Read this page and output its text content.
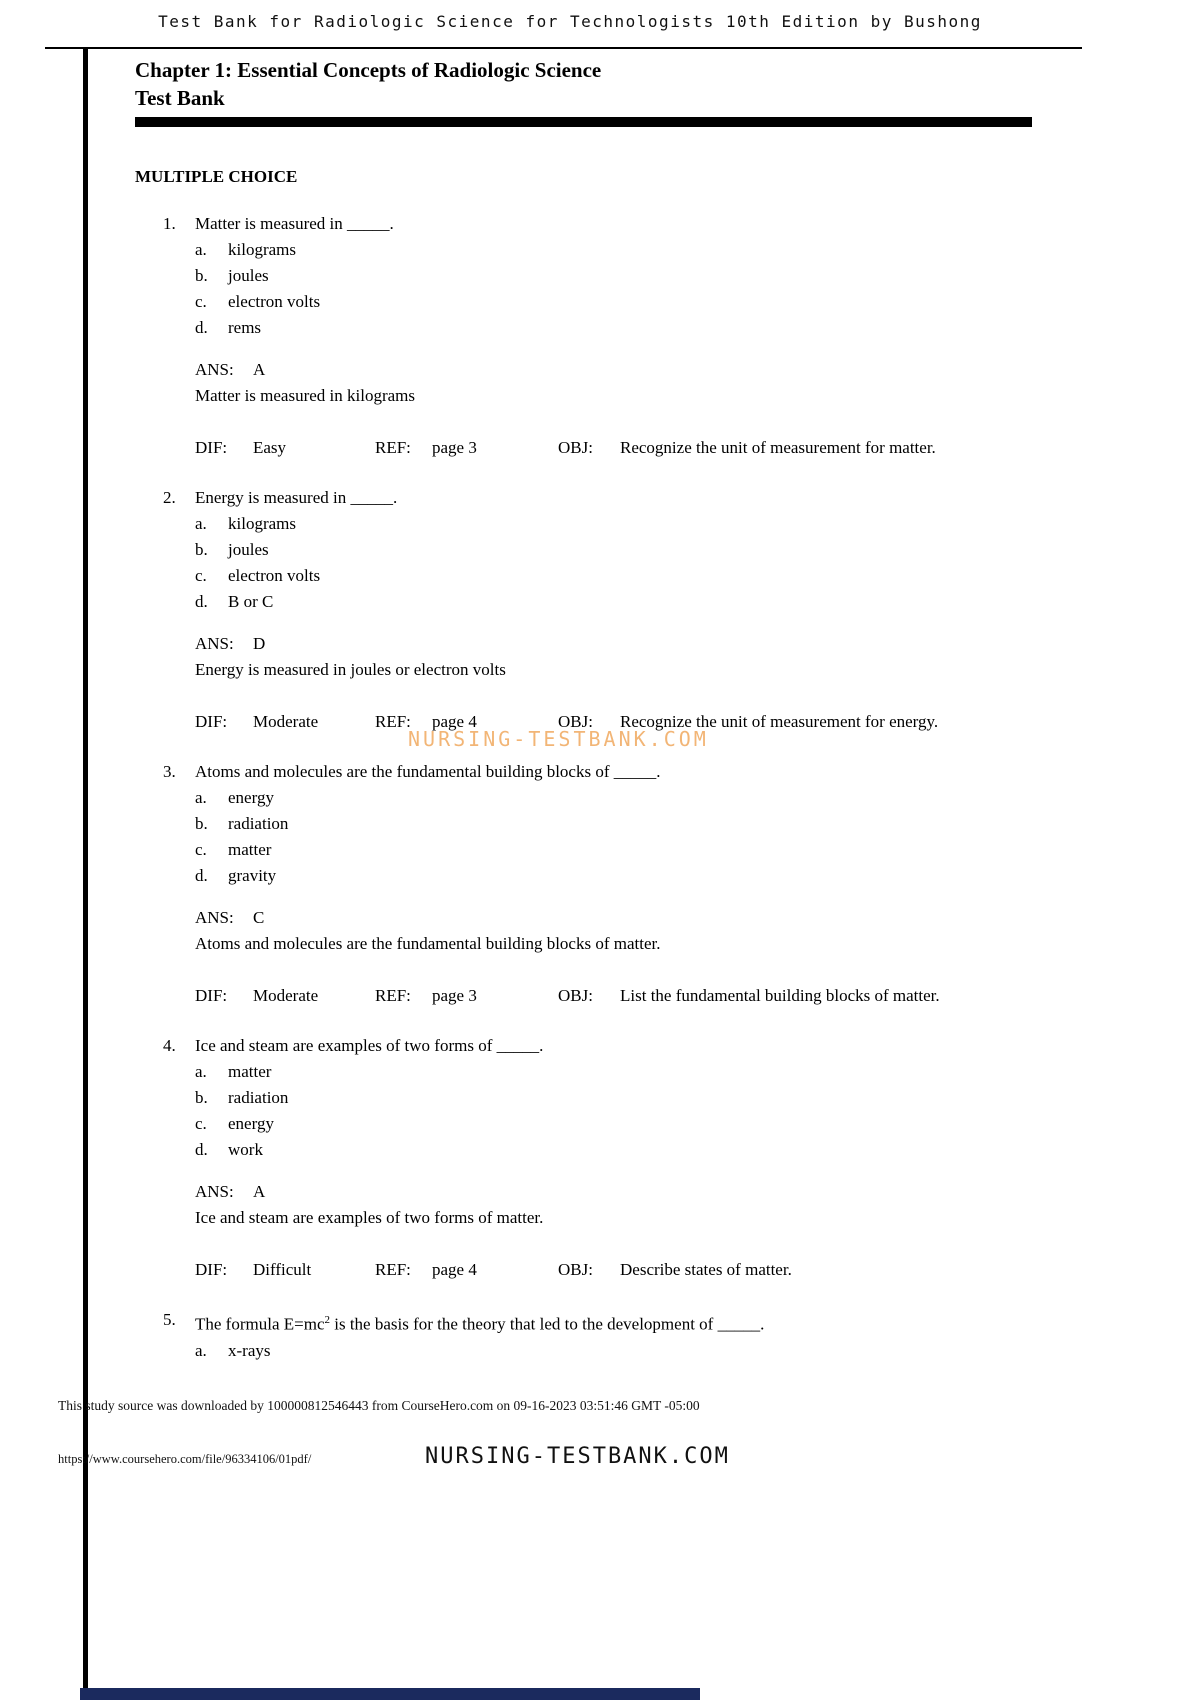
Test Bank for Radiologic Science for Technologists 10th Edition by Bushong
Chapter 1: Essential Concepts of Radiologic Science
Test Bank
MULTIPLE CHOICE
1.	Matter is measured in _____.
a.	kilograms
b.	joules
c.	electron volts
d.	rems
ANS: A
Matter is measured in kilograms
DIF:	Easy	REF:	page 3	OBJ:	Recognize the unit of measurement for matter.
2.	Energy is measured in _____.
a.	kilograms
b.	joules
c.	electron volts
d.	B or C
ANS: D
Energy is measured in joules or electron volts
DIF:	Moderate	REF:	page 4	OBJ:	Recognize the unit of measurement for energy.
3.	Atoms and molecules are the fundamental building blocks of _____.
a.	energy
b.	radiation
c.	matter
d.	gravity
ANS: C
Atoms and molecules are the fundamental building blocks of matter.
DIF:	Moderate	REF:	page 3	OBJ:	List the fundamental building blocks of matter.
4.	Ice and steam are examples of two forms of _____.
a.	matter
b.	radiation
c.	energy
d.	work
ANS: A
Ice and steam are examples of two forms of matter.
DIF:	Difficult	REF:	page 4	OBJ:	Describe states of matter.
5.	The formula $E=mc^2$ is the basis for the theory that led to the development of _____.
a.	x-rays
NURSING-TESTBANK.COM
This study source was downloaded by 100000812546443 from CourseHero.com on 09-16-2023 03:51:46 GMT -05:00
https://www.coursehero.com/file/96334106/01pdf/	NURSING-TESTBANK.COM
